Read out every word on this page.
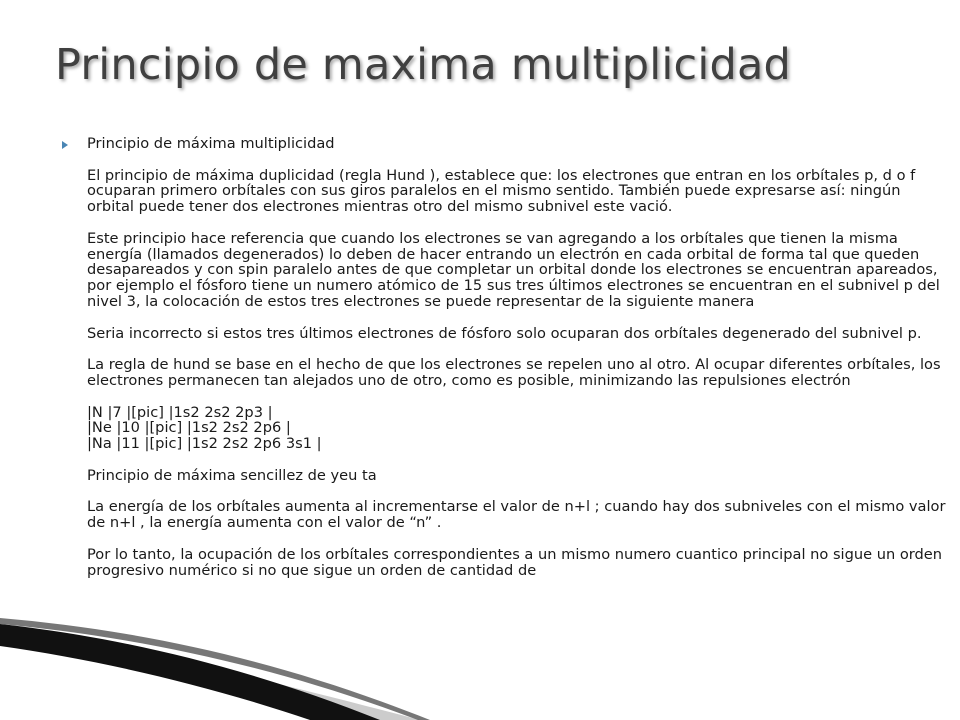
Principio de maxima multiplicidad

Principio de máxima multiplicidad

El principio de máxima duplicidad (regla Hund ), establece que: los electrones que entran en los orbítales p, d o f ocuparan primero orbítales con sus giros paralelos en el mismo sentido. También puede expresarse así: ningún orbital puede tener dos electrones mientras otro del mismo subnivel este vació.

Este principio hace referencia que cuando los electrones se van agregando a los orbítales que tienen la misma energía (llamados degenerados) lo deben de hacer entrando un electrón en cada orbital de forma tal que queden desapareados y con spin paralelo antes de que completar un orbital donde los electrones se encuentran apareados, por ejemplo el fósforo tiene un numero atómico de 15 sus tres últimos electrones se encuentran en el subnivel p del nivel 3, la colocación de estos tres electrones se puede representar de la siguiente manera

Seria incorrecto si estos tres últimos electrones de fósforo solo ocuparan dos orbítales degenerado del subnivel p.

La regla de hund se base en el hecho de que los electrones se repelen uno al otro. Al ocupar diferentes orbítales, los electrones permanecen tan alejados uno de otro, como es posible, minimizando las repulsiones electrón

|N |7 |[pic] |1s2 2s2 2p3 |

|Ne |10 |[pic] |1s2 2s2 2p6 |

|Na |11 |[pic] |1s2 2s2 2p6 3s1 |

Principio de máxima sencillez de yeu ta

La energía de los orbítales aumenta al incrementarse el valor de n+l ; cuando hay dos subniveles con el mismo valor de n+l , la energía aumenta con el valor de “n” .

Por lo tanto, la ocupación de los orbítales correspondientes a un mismo numero cuantico principal no sigue un orden progresivo numérico si no que sigue un orden de cantidad de
